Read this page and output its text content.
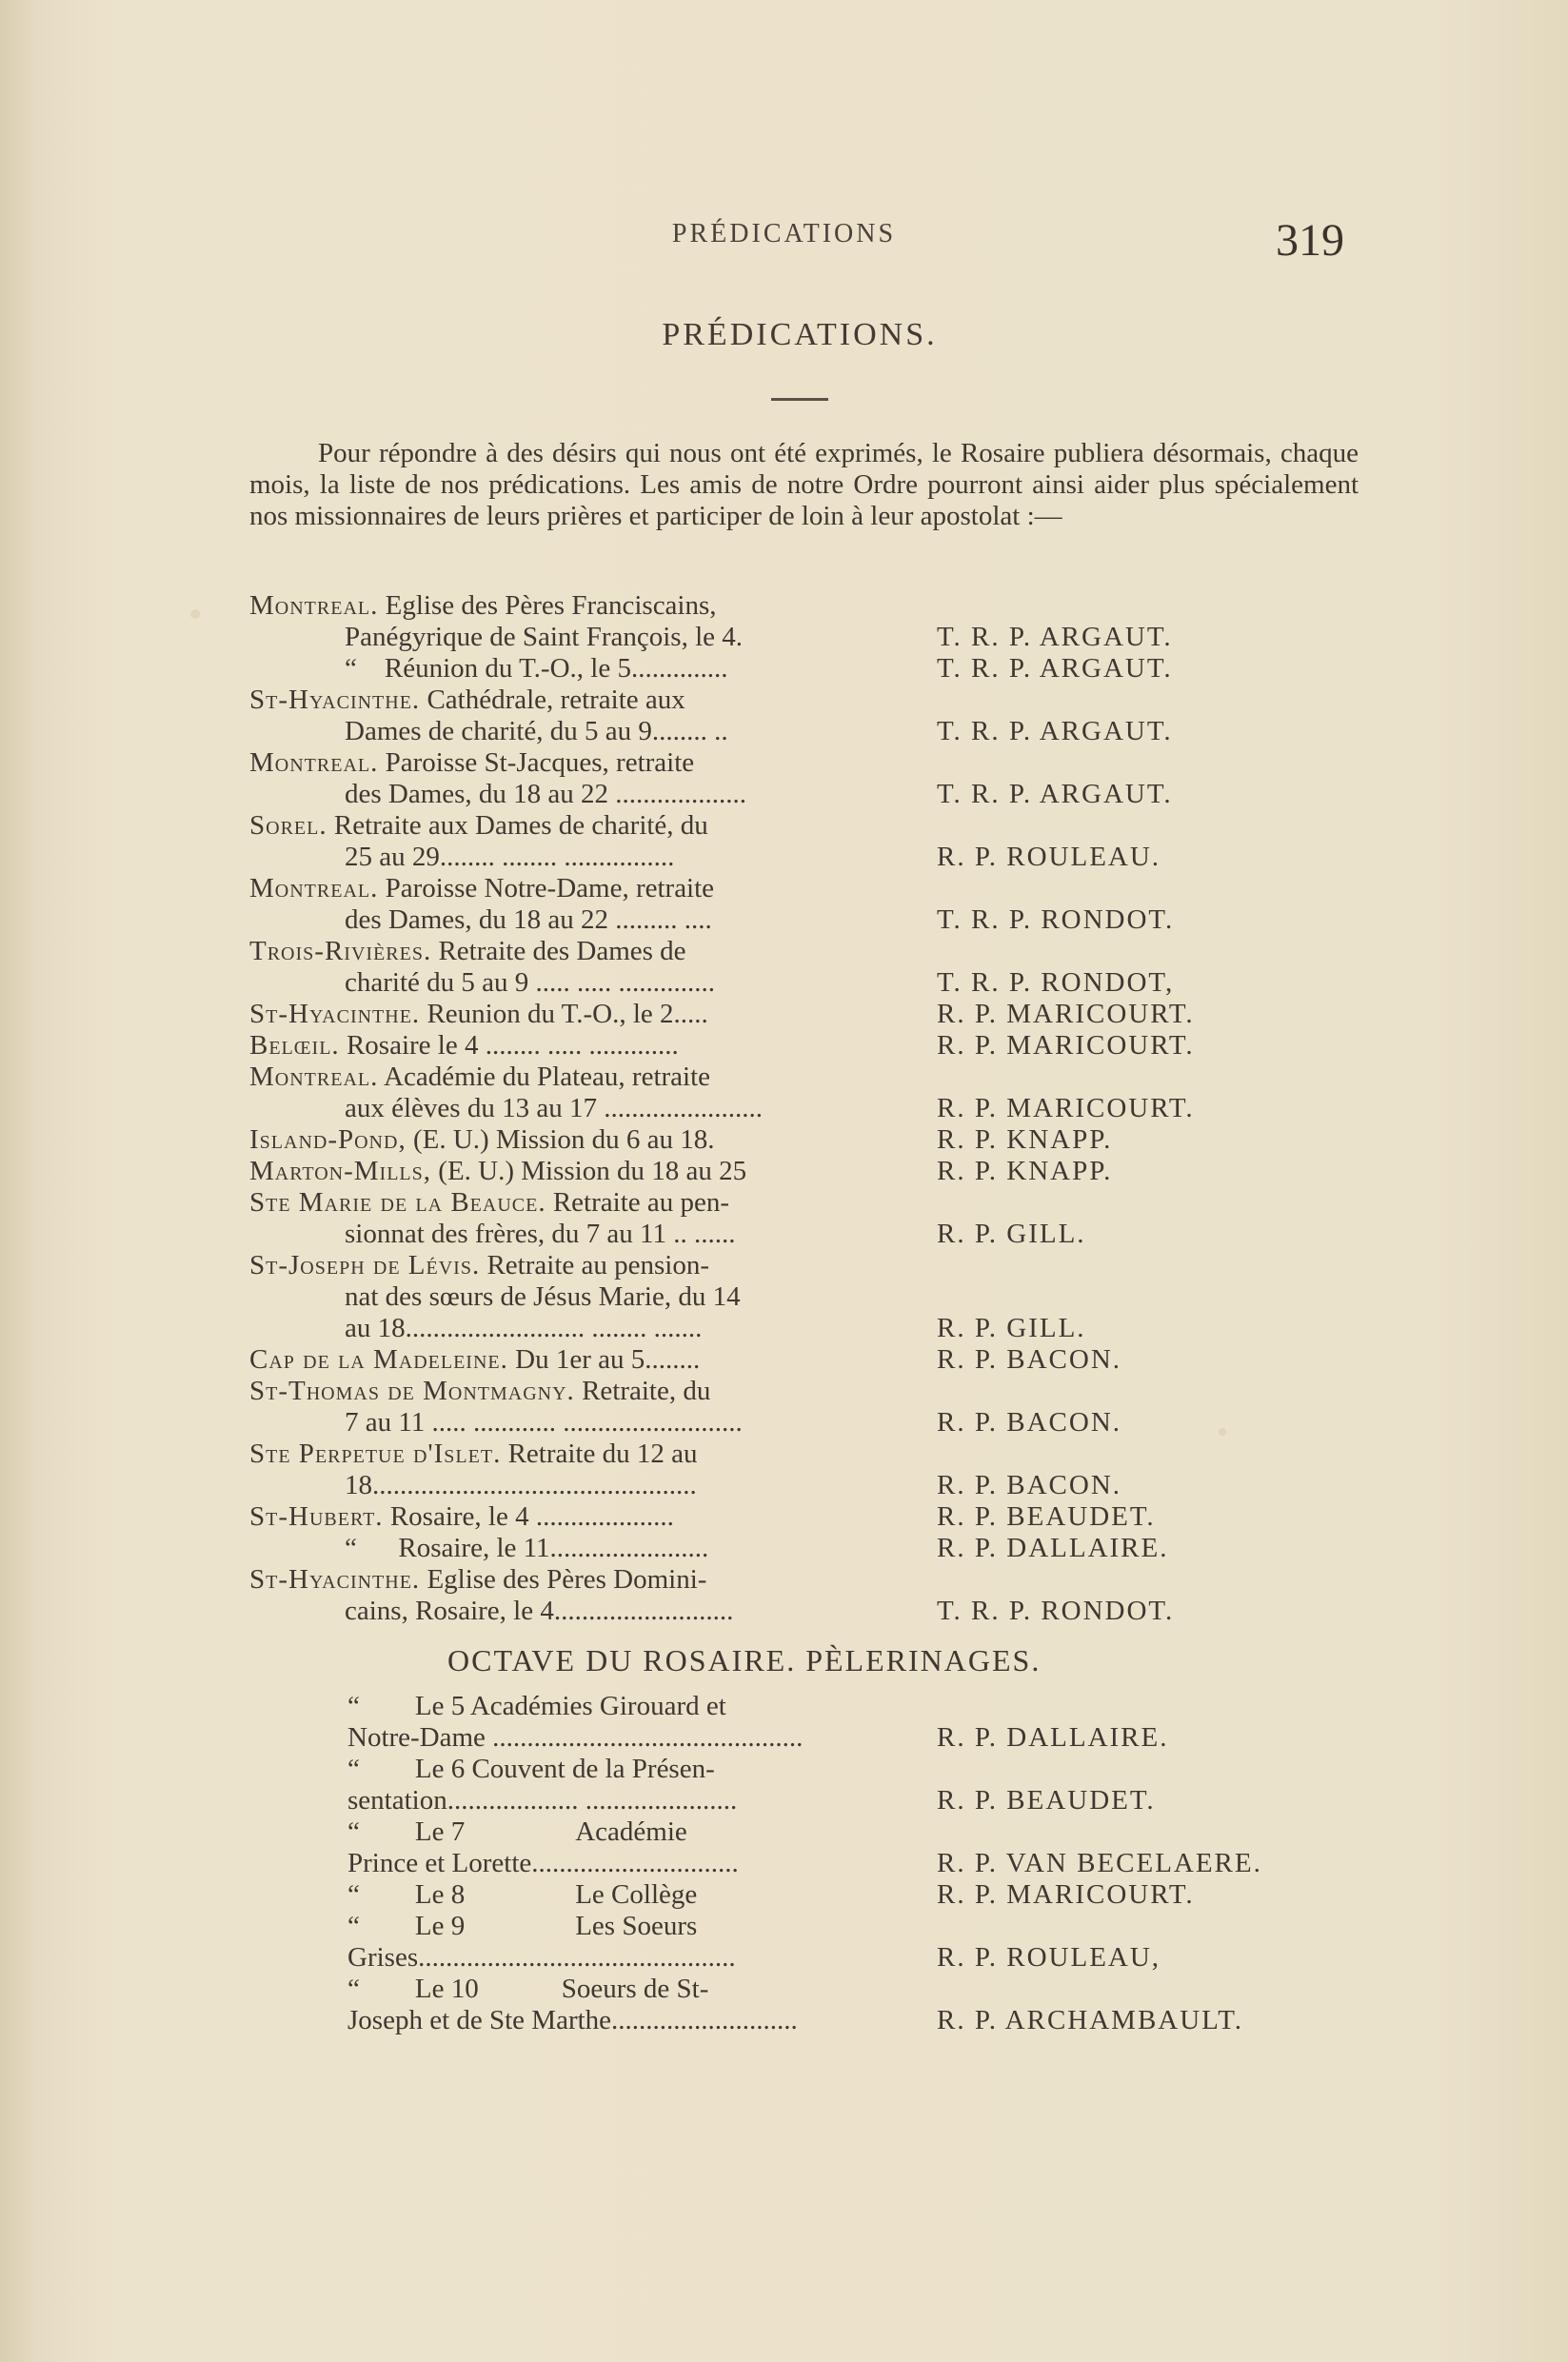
PRÉDICATIONS	319
PRÉDICATIONS.
Pour répondre à des désirs qui nous ont été exprimés, le Rosaire publiera désormais, chaque mois, la liste de nos prédications. Les amis de notre Ordre pourront ainsi aider plus spécialement nos missionnaires de leurs prières et participer de loin à leur apostolat :—
Montreal. Eglise des Pères Franciscains,
Panégyrique de Saint François, le 4.	T. R. P. ARGAUT.
“    Réunion du T.-O., le 5..............	T. R. P. ARGAUT.
St-Hyacinthe. Cathédrale, retraite aux
Dames de charité, du 5 au 9........ ..	T. R. P. ARGAUT.
Montreal. Paroisse St-Jacques, retraite
des Dames, du 18 au 22 ...................	T. R. P. ARGAUT.
Sorel. Retraite aux Dames de charité, du
25 au 29........ ........ ................	R. P. ROULEAU.
Montreal. Paroisse Notre-Dame, retraite
des Dames, du 18 au 22 ......... ....	T. R. P. RONDOT.
Trois-Rivières. Retraite des Dames de
charité du 5 au 9 ..... ..... ..............	T. R. P. RONDOT,
St-Hyacinthe. Reunion du T.-O., le 2.....	R. P. MARICOURT.
Belœil. Rosaire le 4 ........ ..... .............	R. P. MARICOURT.
Montreal. Académie du Plateau, retraite
aux élèves du 13 au 17 .......................	R. P. MARICOURT.
Island-Pond, (E. U.) Mission du 6 au 18.	R. P. KNAPP.
Marton-Mills, (E. U.) Mission du 18 au 25	R. P. KNAPP.
Ste Marie de la Beauce. Retraite au pen-
sionnat des frères, du 7 au 11 .. ......	R. P. GILL.
St-Joseph de Lévis. Retraite au pension-
nat des sœurs de Jésus Marie, du 14
au 18.......................... ........ .......	R. P. GILL.
Cap de la Madeleine. Du 1er au 5........	R. P. BACON.
St-Thomas de Montmagny. Retraite, du
7 au 11 ..... ............ ..........................	R. P. BACON.
Ste Perpetue d'Islet. Retraite du 12 au
18...............................................	R. P. BACON.
St-Hubert. Rosaire, le 4 ....................	R. P. BEAUDET.
“      Rosaire, le 11.......................	R. P. DALLAIRE.
St-Hyacinthe. Eglise des Pères Domini-
cains, Rosaire, le 4..........................	T. R. P. RONDOT.
OCTAVE DU ROSAIRE. PÈLERINAGES.
“        Le 5 Académies Girouard et
Notre-Dame .............................................	R. P. DALLAIRE.
“        Le 6 Couvent de la Présen-
sentation................... ......................	R. P. BEAUDET.
“        Le 7                Académie
Prince et Lorette..............................	R. P. VAN BECELAERE.
“        Le 8                Le Collège	R. P. MARICOURT.
“        Le 9                Les Soeurs
Grises..............................................	R. P. ROULEAU,
“        Le 10            Soeurs de St-
Joseph et de Ste Marthe...........................	R. P. ARCHAMBAULT.
